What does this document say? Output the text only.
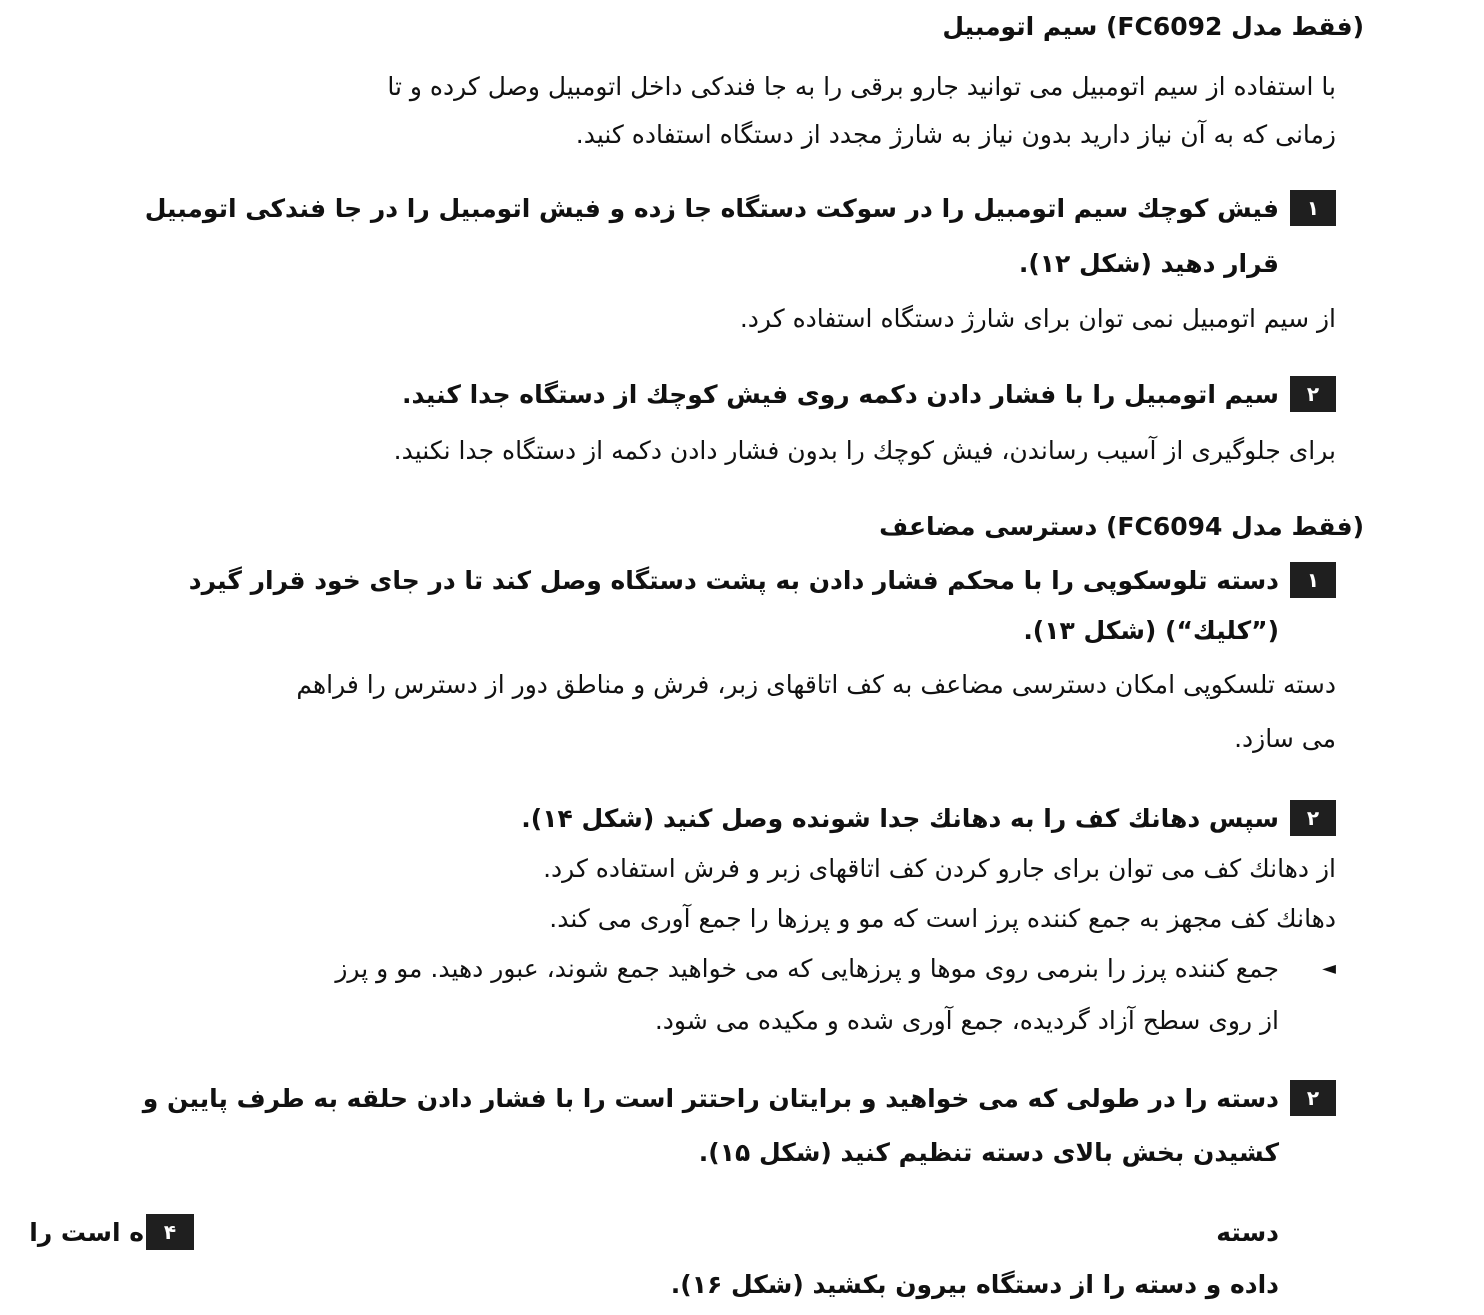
(فقط مدل FC6092) سیم اتومبیل
با استفاده از سیم اتومبیل می توانید جارو برقی را به جا فندکی داخل اتومبیل وصل کرده و تا
زمانی که به آن نیاز دارید بدون نیاز به شارژ مجدد از دستگاه استفاده کنید.
۱
فیش کوچك سیم اتومبیل را در سوکت دستگاه جا زده و فیش اتومبیل را در جا فندکی اتومبیل
قرار دهید (شکل ۱۲).
از سیم اتومبیل نمی توان برای شارژ دستگاه استفاده کرد.
۲
سیم اتومبیل را با فشار دادن دکمه روی فیش کوچك از دستگاه جدا کنید.
برای جلوگیری از آسیب رساندن، فیش کوچك را بدون فشار دادن دکمه از دستگاه جدا نکنید.
(فقط مدل FC6094) دسترسی مضاعف
۱
دسته تلوسکوپی را با محکم فشار دادن به پشت دستگاه وصل کند تا در جای خود قرار گیرد
(”کلیك“) (شکل ۱۳).
دسته تلسکوپی امکان دسترسی مضاعف به کف اتاقهای زبر، فرش و مناطق دور از دسترس را فراهم
می سازد.
۲
سپس دهانك کف را به دهانك جدا شونده وصل کنید (شکل ۱۴).
از دهانك کف می توان برای جارو کردن کف اتاقهای زبر و فرش استفاده کرد.
دهانك کف مجهز به جمع کننده پرز است که مو و پرزها را جمع آوری می کند.
◄
جمع کننده پرز را بنرمی روی موها و پرزهایی که می خواهید جمع شوند، عبور دهید. مو و پرز
از روی سطح آزاد گردیده، جمع آوری شده و مکیده می شود.
۲
دسته را در طولی که می خواهید و برایتان راحتتر است را با فشار دادن حلقه به طرف پایین و
کشیدن بخش بالای دسته تنظیم کنید (شکل ۱۵).
ه است را ۴	دسته
داده و دسته را از دستگاه بیرون بکشید (شکل ۱۶).
